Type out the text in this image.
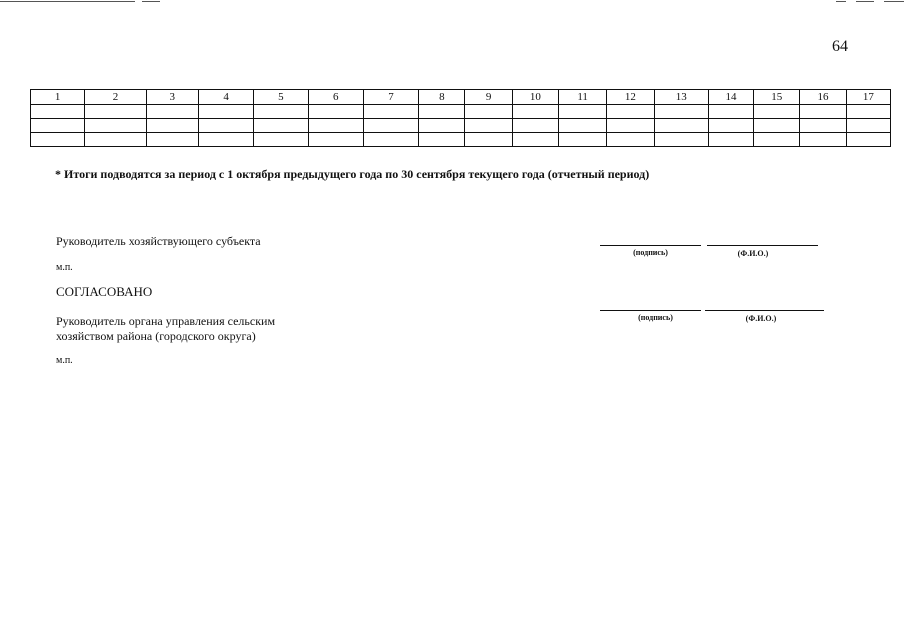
64
1	2	3	4	5	6	7	8	9	10	11	12	13	14	15	16	17

* Итоги подводятся за период с 1 октября предыдущего года по 30 сентября текущего года (отчетный период)
Руководитель хозяйствующего субъекта
м.п.
(подпись)	(Ф.И.О.)
СОГЛАСОВАНО
Руководитель органа управления сельским хозяйством района (городского округа)
м.п.
(подпись)	(Ф.И.О.)
